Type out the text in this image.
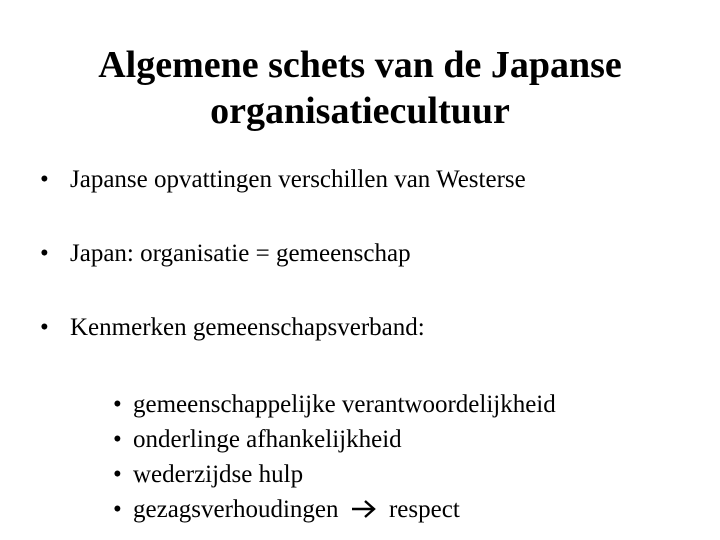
Algemene schets van de Japanse
organisatiecultuur
• Japanse opvattingen verschillen van Westerse
• Japan: organisatie = gemeenschap
• Kenmerken gemeenschapsverband:
• gemeenschappelijke verantwoordelijkheid
• onderlinge afhankelijkheid
• wederzijdse hulp
• gezagsverhoudingen respect
